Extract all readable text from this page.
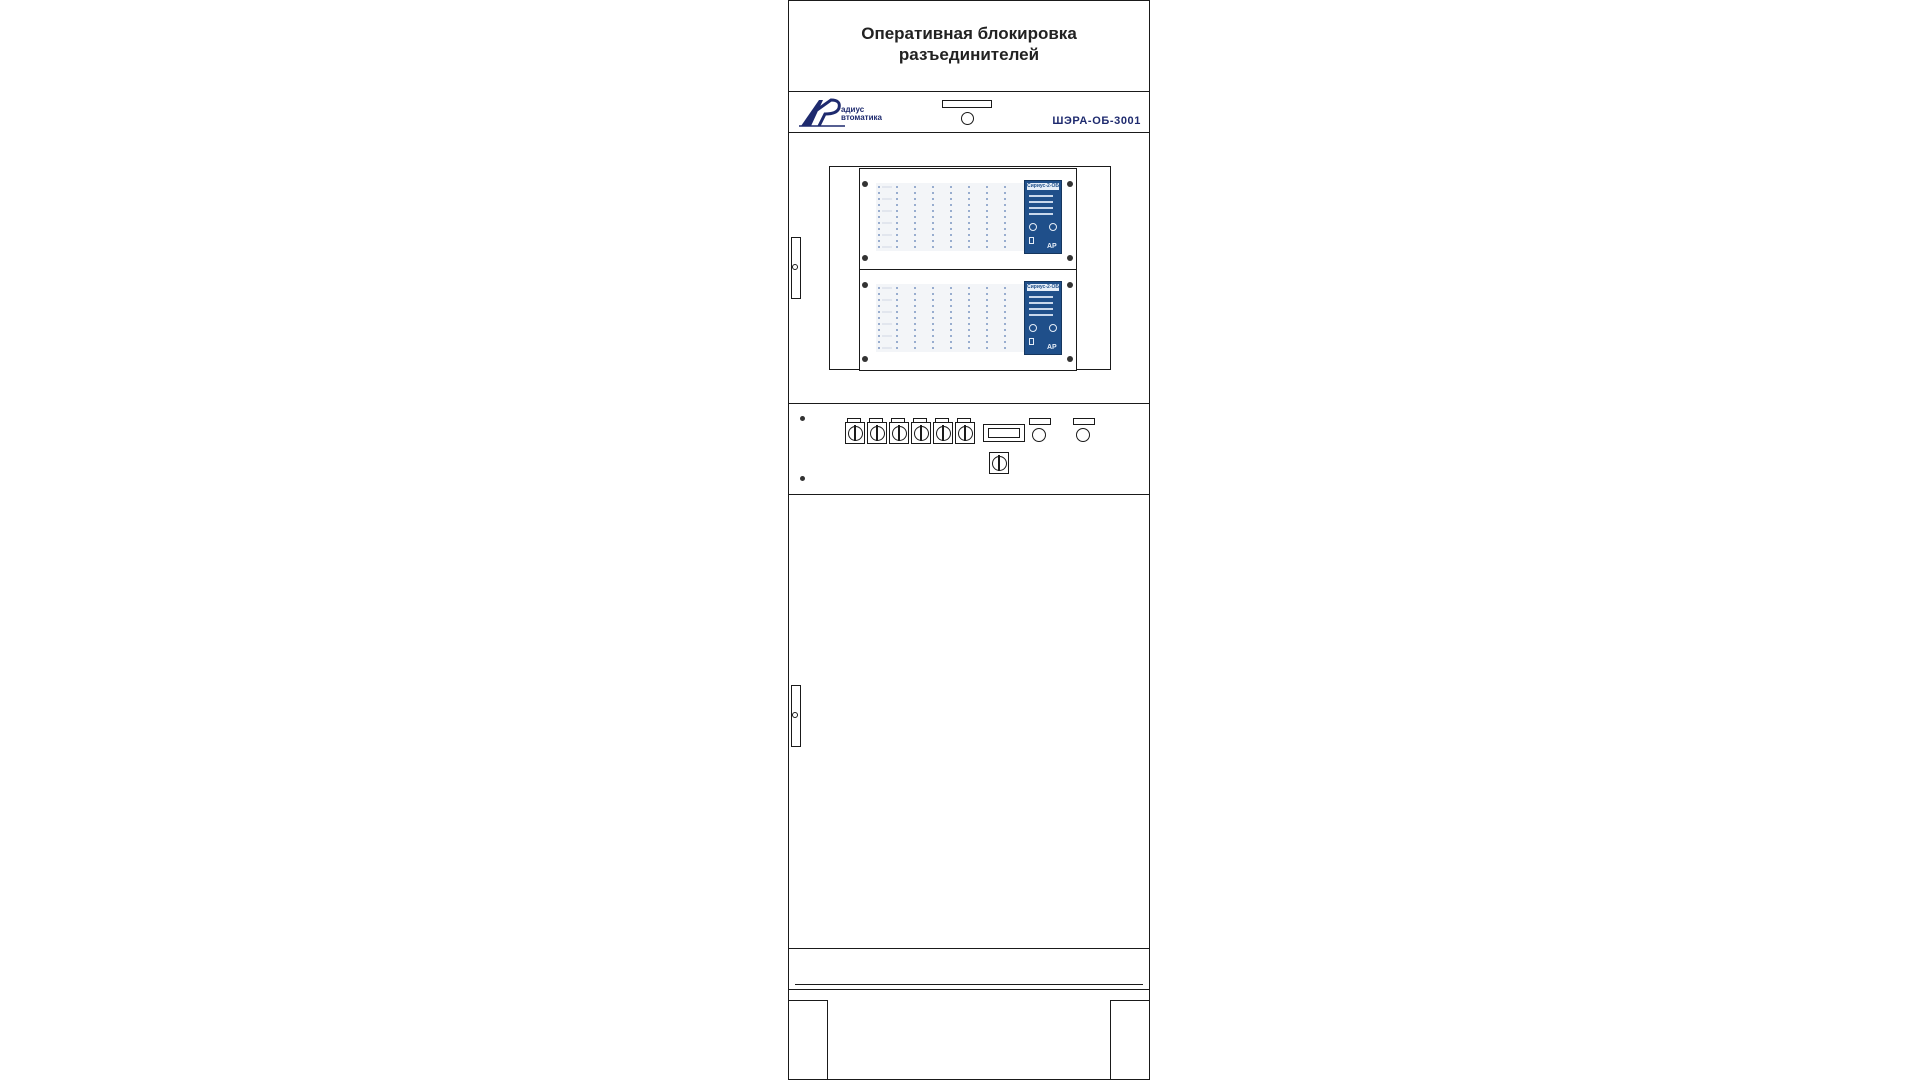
Оперативная блокировка
разъединителей
адиус
втоматика	ШЭРА-ОБ-3001
Сириус-2-ОБ
АР
Сириус-2-ОБ
АР
